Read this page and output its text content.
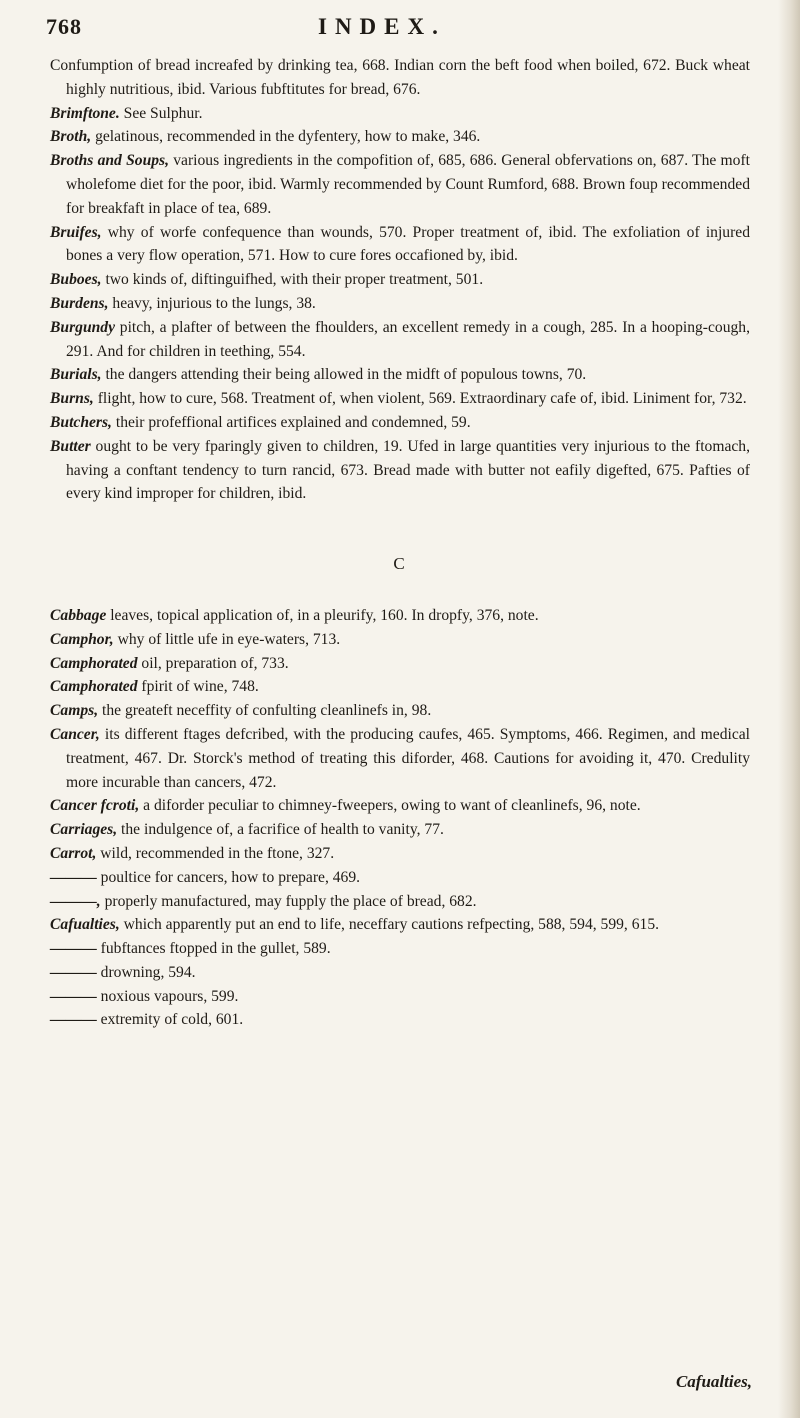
768	INDEX.

Confumption of bread increafed by drinking tea, 668. Indian corn the beft food when boiled, 672. Buck wheat highly nutritious, ibid. Various fubftitutes for bread, 676.

Brimftone. See Sulphur.

Broth, gelatinous, recommended in the dyfentery, how to make, 346.

Broths and Soups, various ingredients in the compofition of, 685, 686. General obfervations on, 687. The moft wholefome diet for the poor, ibid. Warmly recommended by Count Rumford, 688. Brown foup recommended for breakfaft in place of tea, 689.

Bruifes, why of worfe confequence than wounds, 570. Proper treatment of, ibid. The exfoliation of injured bones a very flow operation, 571. How to cure fores occafioned by, ibid.

Buboes, two kinds of, diftinguifhed, with their proper treatment, 501.

Burdens, heavy, injurious to the lungs, 38.

Burgundy pitch, a plafter of between the fhoulders, an excellent remedy in a cough, 285. In a hooping-cough, 291. And for children in teething, 554.

Burials, the dangers attending their being allowed in the midft of populous towns, 70.

Burns, flight, how to cure, 568. Treatment of, when violent, 569. Extraordinary cafe of, ibid. Liniment for, 732.

Butchers, their profeffional artifices explained and condemned, 59.

Butter ought to be very fparingly given to children, 19. Ufed in large quantities very injurious to the ftomach, having a conftant tendency to turn rancid, 673. Bread made with butter not eafily digefted, 675. Pafties of every kind improper for children, ibid.

C

Cabbage leaves, topical application of, in a pleurify, 160. In dropfy, 376, note.

Camphor, why of little ufe in eye-waters, 713.

Camphorated oil, preparation of, 733.

Camphorated fpirit of wine, 748.

Camps, the greateft neceffity of confulting cleanlinefs in, 98.

Cancer, its different ftages defcribed, with the producing caufes, 465. Symptoms, 466. Regimen, and medical treatment, 467. Dr. Storck's method of treating this diforder, 468. Cautions for avoiding it, 470. Credulity more incurable than cancers, 472.

Cancer fcroti, a diforder peculiar to chimney-fweepers, owing to want of cleanlinefs, 96, note.

Carriages, the indulgence of, a facrifice of health to vanity, 77.

Carrot, wild, recommended in the ftone, 327.

——— poultice for cancers, how to prepare, 469.

———, properly manufactured, may fupply the place of bread, 682.

Cafualties, which apparently put an end to life, neceffary cautions refpecting, 588, 594, 599, 615.

——— fubftances ftopped in the gullet, 589.

——— drowning, 594.

——— noxious vapours, 599.

——— extremity of cold, 601.

Cafualties,
